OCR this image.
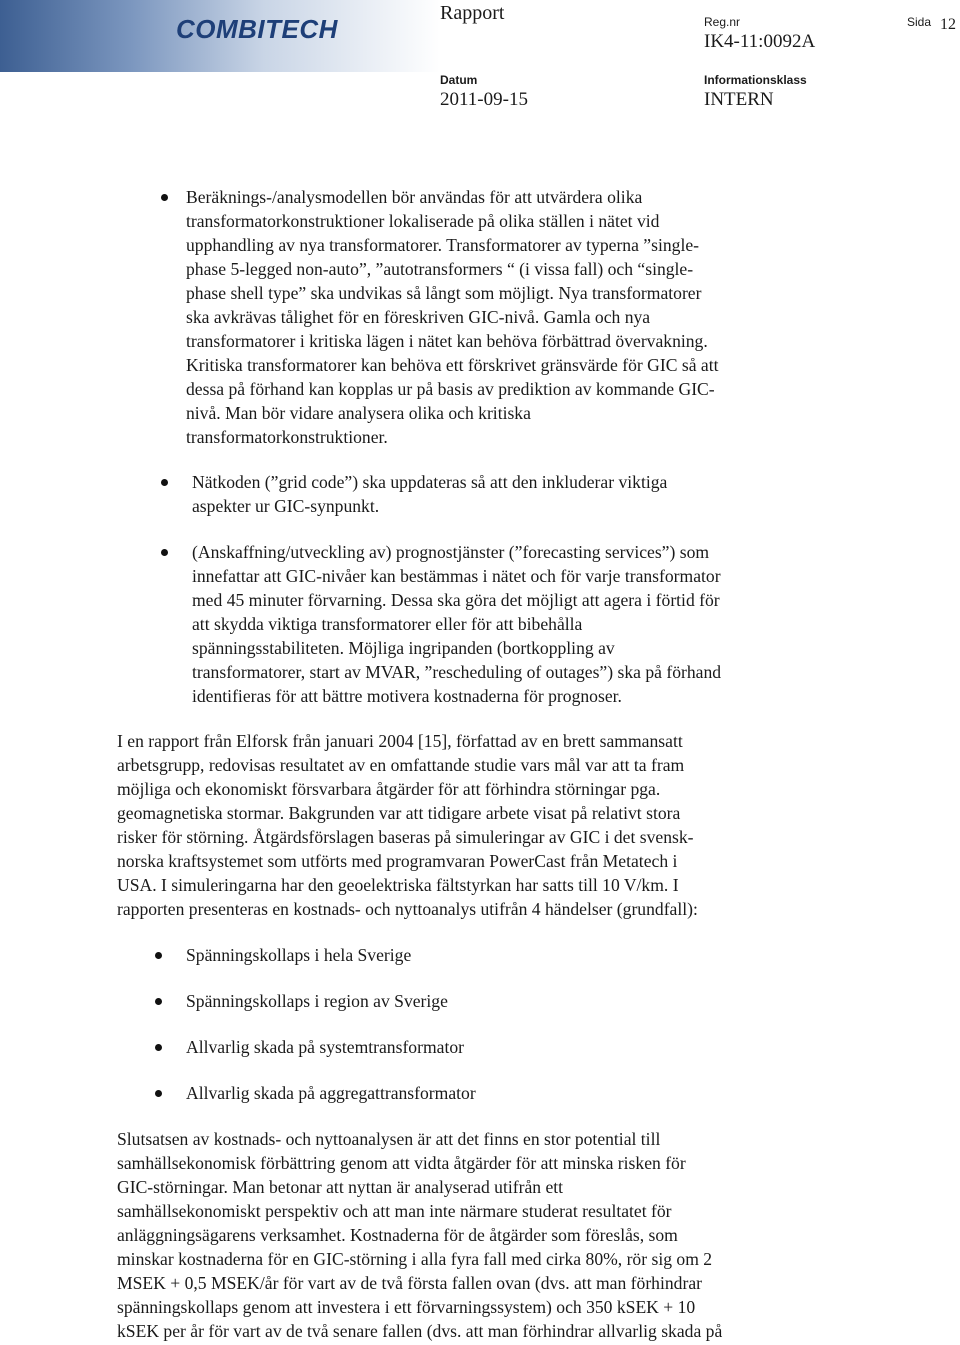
COMBITECH
Rapport	Reg.nr
IK4-11:0092A
Sida 12
Datum
2011-09-15
Informationsklass
INTERN

Beräknings-/analysmodellen bör användas för att utvärdera olika
transformatorkonstruktioner lokaliserade på olika ställen i nätet vid
upphandling av nya transformatorer. Transformatorer av typerna ”single-
phase 5-legged non-auto”, ”autotransformers “ (i vissa fall) och “single-
phase shell type” ska undvikas så långt som möjligt. Nya transformatorer
ska avkrävas tålighet för en föreskriven GIC-nivå. Gamla och nya
transformatorer i kritiska lägen i nätet kan behöva förbättrad övervakning.
Kritiska transformatorer kan behöva ett förskrivet gränsvärde för GIC så att
dessa på förhand kan kopplas ur på basis av prediktion av kommande GIC-
nivå. Man bör vidare analysera olika och kritiska
transformatorkonstruktioner.

Nätkoden (”grid code”) ska uppdateras så att den inkluderar viktiga
aspekter ur GIC-synpunkt.

(Anskaffning/utveckling av) prognostjänster (”forecasting services”) som
innefattar att GIC-nivåer kan bestämmas i nätet och för varje transformator
med 45 minuter förvarning. Dessa ska göra det möjligt att agera i förtid för
att skydda viktiga transformatorer eller för att bibehålla
spänningsstabiliteten. Möjliga ingripanden (bortkoppling av
transformatorer, start av MVAR, ”rescheduling of outages”) ska på förhand
identifieras för att bättre motivera kostnaderna för prognoser.

I en rapport från Elforsk från januari 2004 [15], författad av en brett sammansatt
arbetsgrupp, redovisas resultatet av en omfattande studie vars mål var att ta fram
möjliga och ekonomiskt försvarbara åtgärder för att förhindra störningar pga.
geomagnetiska stormar. Bakgrunden var att tidigare arbete visat på relativt stora
risker för störning. Åtgärdsförslagen baseras på simuleringar av GIC i det svensk-
norska kraftsystemet som utförts med programvaran PowerCast från Metatech i
USA. I simuleringarna har den geoelektriska fältstyrkan har satts till 10 V/km. I
rapporten presenteras en kostnads- och nyttoanalys utifrån 4 händelser (grundfall):

Spänningskollaps i hela Sverige

Spänningskollaps i region av Sverige

Allvarlig skada på systemtransformator

Allvarlig skada på aggregattransformator

Slutsatsen av kostnads- och nyttoanalysen är att det finns en stor potential till
samhällsekonomisk förbättring genom att vidta åtgärder för att minska risken för
GIC-störningar. Man betonar att nyttan är analyserad utifrån ett
samhällsekonomiskt perspektiv och att man inte närmare studerat resultatet för
anläggningsägarens verksamhet. Kostnaderna för de åtgärder som föreslås, som
minskar kostnaderna för en GIC-störning i alla fyra fall med cirka 80%, rör sig om 2
MSEK + 0,5 MSEK/år för vart av de två första fallen ovan (dvs. att man förhindrar
spänningskollaps genom att investera i ett förvarningssystem) och 350 kSEK + 10
kSEK per år för vart av de två senare fallen (dvs. att man förhindrar allvarlig skada på
